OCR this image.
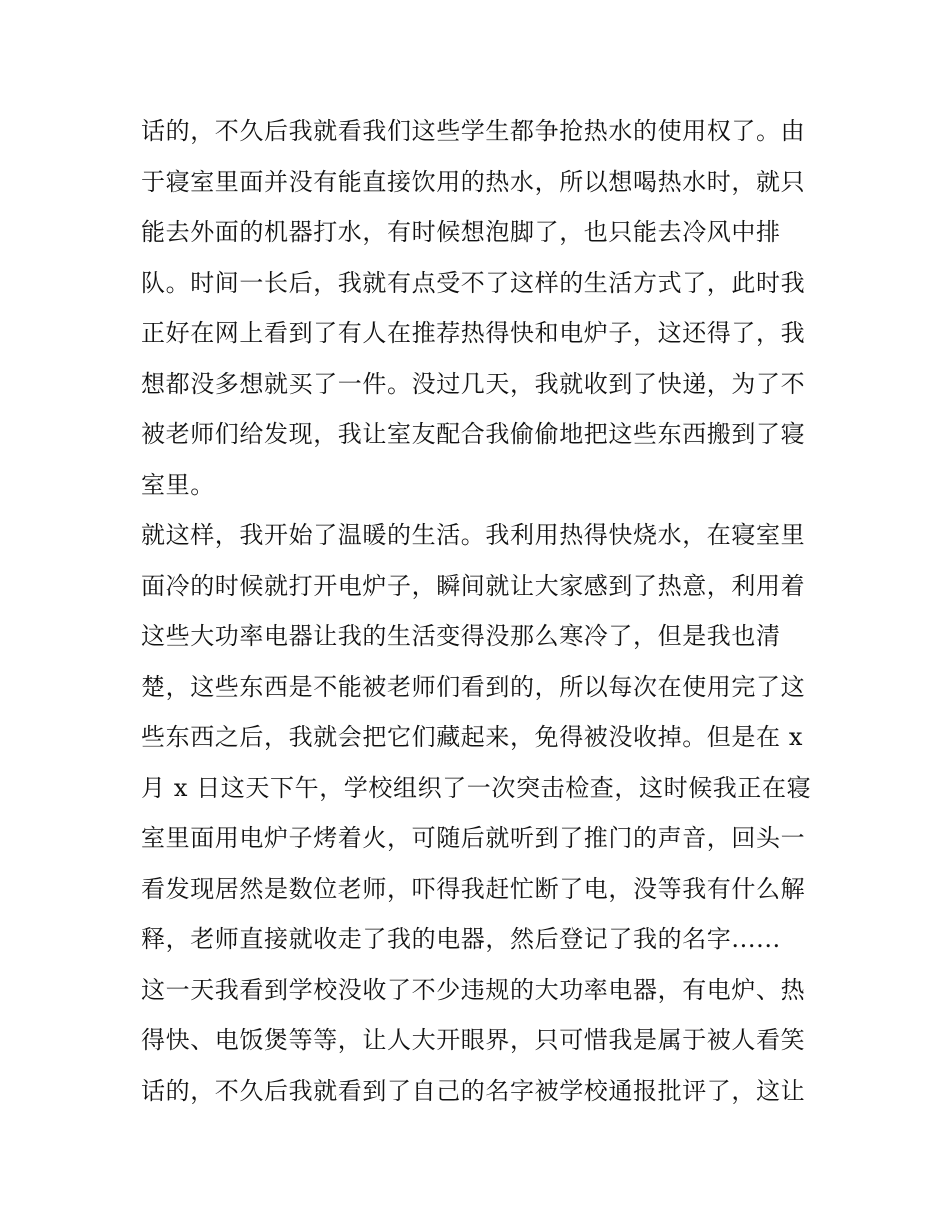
话的，不久后我就看我们这些学生都争抢热水的使用权了。由
于寝室里面并没有能直接饮用的热水，所以想喝热水时，就只
能去外面的机器打水，有时候想泡脚了，也只能去冷风中排
队。时间一长后，我就有点受不了这样的生活方式了，此时我
正好在网上看到了有人在推荐热得快和电炉子，这还得了，我
想都没多想就买了一件。没过几天，我就收到了快递，为了不
被老师们给发现，我让室友配合我偷偷地把这些东西搬到了寝
室里。
就这样，我开始了温暖的生活。我利用热得快烧水，在寝室里
面冷的时候就打开电炉子，瞬间就让大家感到了热意，利用着
这些大功率电器让我的生活变得没那么寒冷了，但是我也清
楚，这些东西是不能被老师们看到的，所以每次在使用完了这
些东西之后，我就会把它们藏起来，免得被没收掉。但是在 x
月 x 日这天下午，学校组织了一次突击检查，这时候我正在寝
室里面用电炉子烤着火，可随后就听到了推门的声音，回头一
看发现居然是数位老师，吓得我赶忙断了电，没等我有什么解
释，老师直接就收走了我的电器，然后登记了我的名字......
这一天我看到学校没收了不少违规的大功率电器，有电炉、热
得快、电饭煲等等，让人大开眼界，只可惜我是属于被人看笑
话的，不久后我就看到了自己的名字被学校通报批评了，这让
